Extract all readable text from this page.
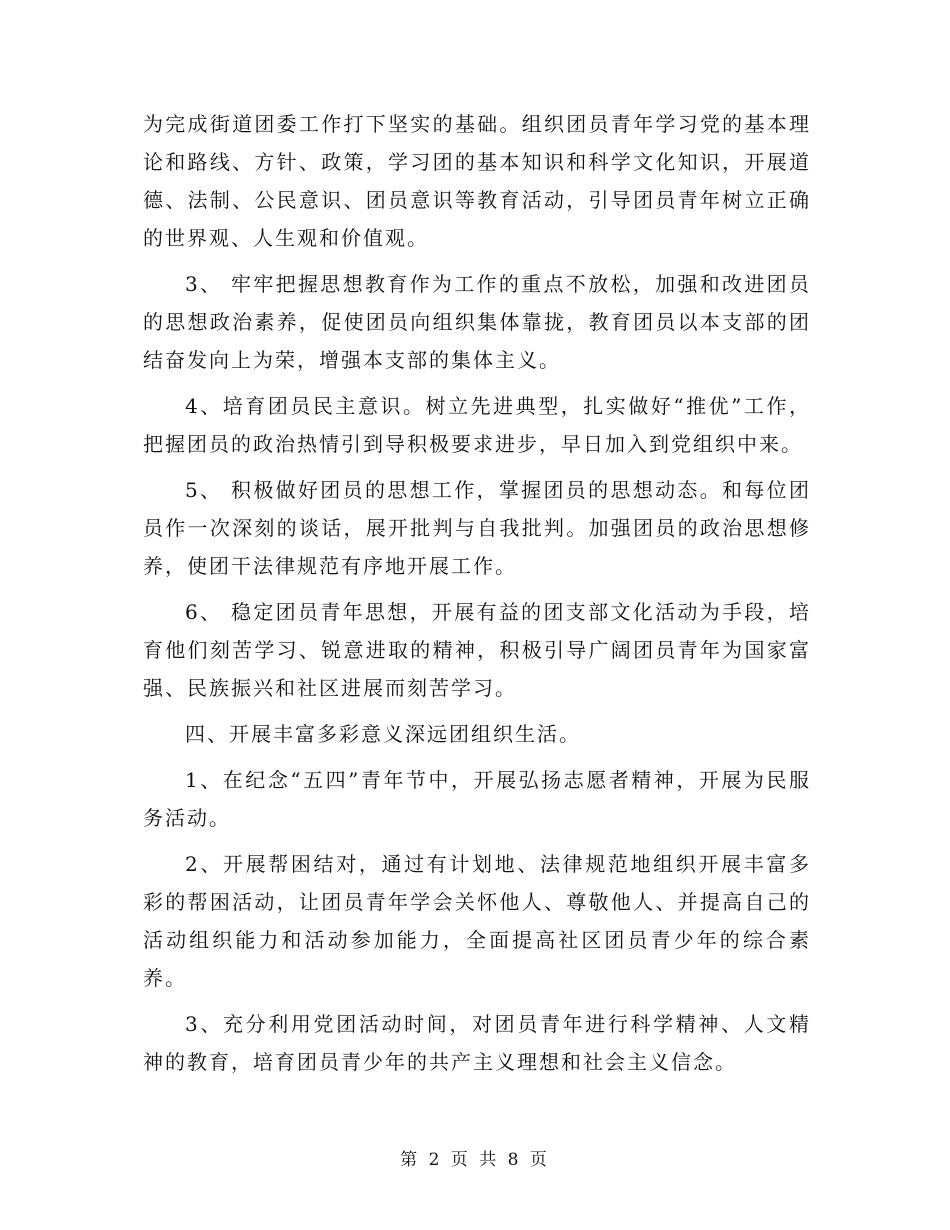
为完成街道团委工作打下坚实的基础。组织团员青年学习党的基本理论和路线、方针、政策，学习团的基本知识和科学文化知识，开展道德、法制、公民意识、团员意识等教育活动，引导团员青年树立正确的世界观、人生观和价值观。

3、 牢牢把握思想教育作为工作的重点不放松，加强和改进团员的思想政治素养，促使团员向组织集体靠拢，教育团员以本支部的团结奋发向上为荣，增强本支部的集体主义。

4、培育团员民主意识。树立先进典型，扎实做好“推优”工作，把握团员的政治热情引到导积极要求进步，早日加入到党组织中来。

5、 积极做好团员的思想工作，掌握团员的思想动态。和每位团员作一次深刻的谈话，展开批判与自我批判。加强团员的政治思想修养，使团干法律规范有序地开展工作。

6、 稳定团员青年思想，开展有益的团支部文化活动为手段，培育他们刻苦学习、锐意进取的精神，积极引导广阔团员青年为国家富强、民族振兴和社区进展而刻苦学习。

四、开展丰富多彩意义深远团组织生活。

1、在纪念“五四”青年节中，开展弘扬志愿者精神，开展为民服务活动。

2、开展帮困结对，通过有计划地、法律规范地组织开展丰富多彩的帮困活动，让团员青年学会关怀他人、尊敬他人、并提高自己的活动组织能力和活动参加能力，全面提高社区团员青少年的综合素养。

3、充分利用党团活动时间，对团员青年进行科学精神、人文精神的教育，培育团员青少年的共产主义理想和社会主义信念。

第 2 页 共 8 页
